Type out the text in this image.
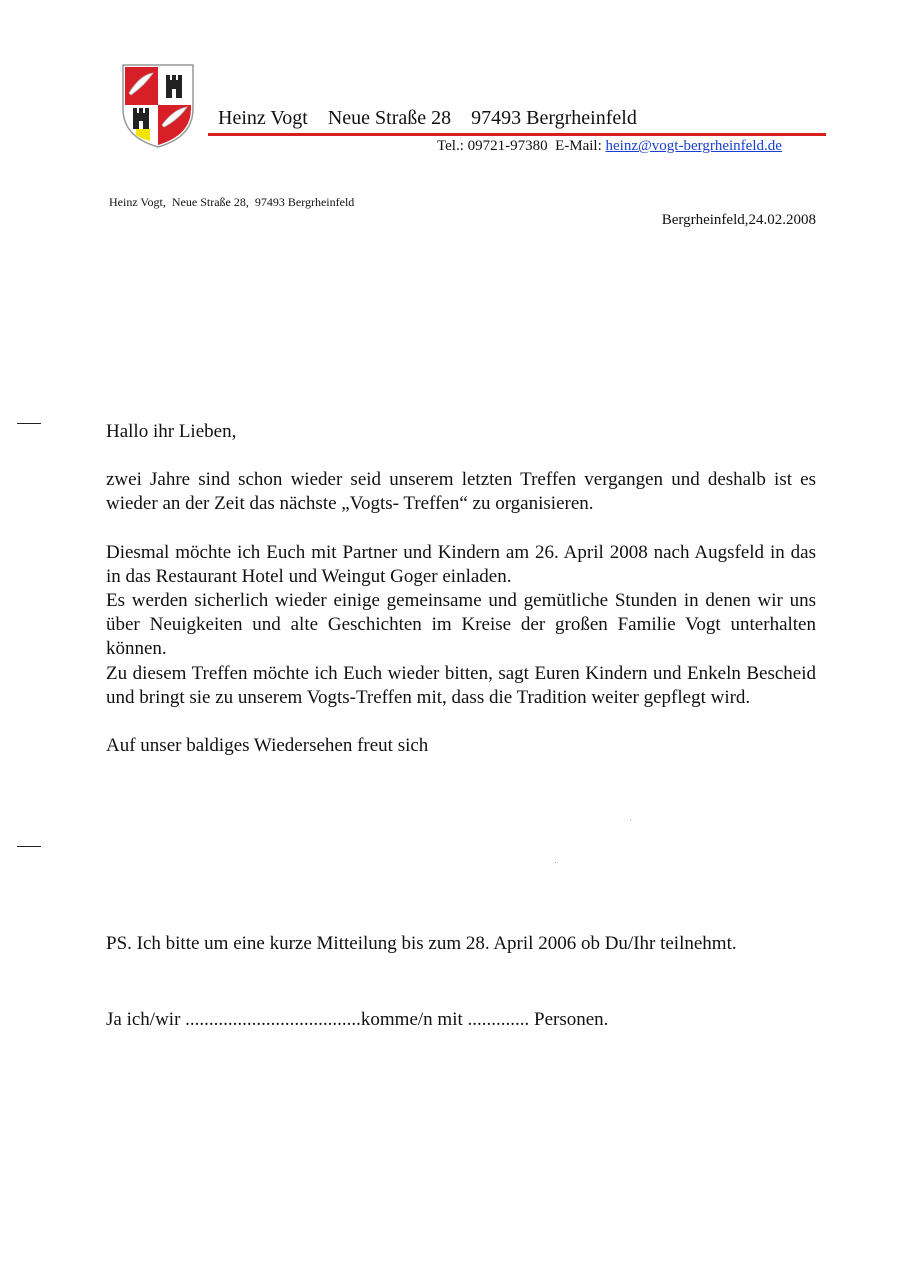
Heinz Vogt Neue Straße 28 97493 Bergrheinfeld
Tel.: 09721-97380  E-Mail: heinz@vogt-bergrheinfeld.de
Heinz Vogt,  Neue Straße 28,  97493 Bergrheinfeld
Bergrheinfeld,24.02.2008

Hallo ihr Lieben,

zwei Jahre sind schon wieder seid unserem letzten Treffen vergangen und deshalb ist es wieder an der Zeit das nächste „Vogts- Treffen“ zu organisieren.

Diesmal möchte ich Euch mit Partner und Kindern am 26. April 2008 nach Augsfeld in das in das Restaurant Hotel und Weingut Goger einladen.

Es werden sicherlich wieder einige gemeinsame und gemütliche Stunden in denen wir uns über Neuigkeiten und alte Geschichten im Kreise der großen Familie Vogt unterhalten können.

Zu diesem Treffen möchte ich Euch wieder bitten, sagt Euren Kindern und Enkeln Bescheid und bringt sie zu unserem Vogts-Treffen mit, dass die Tradition weiter gepflegt wird.

Auf unser baldiges Wiedersehen freut sich

PS. Ich bitte um eine kurze Mitteilung bis zum 28. April 2006 ob Du/Ihr teilnehmt.
Ja ich/wir .....................................komme/n mit ............. Personen.
